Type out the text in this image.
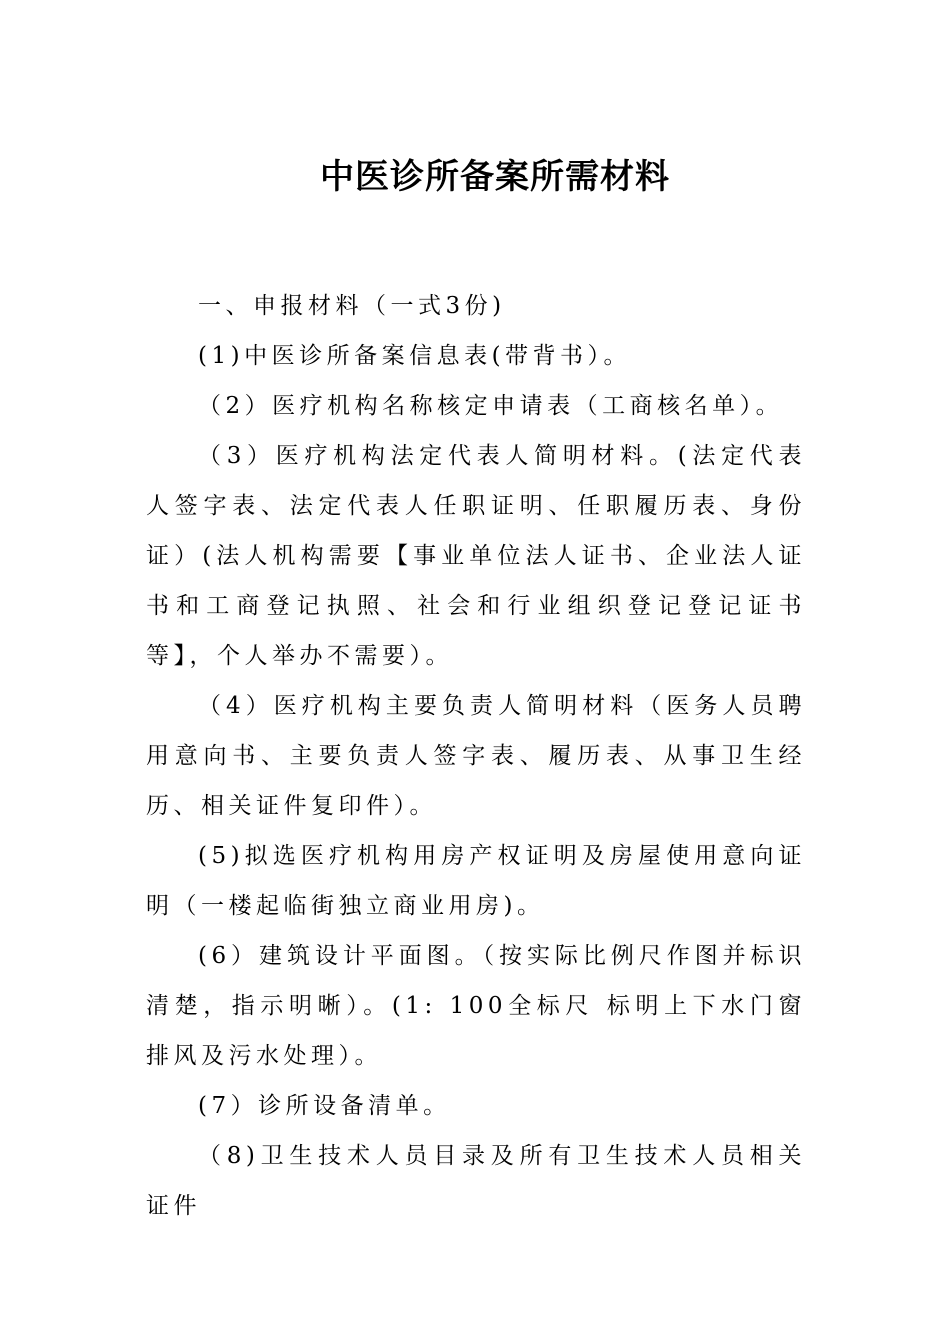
中医诊所备案所需材料

一、申报材料（一式3份)

(1)中医诊所备案信息表(带背书）。

（2）医疗机构名称核定申请表（工商核名单）。

（3）医疗机构法定代表人简明材料。(法定代表人签字表、法定代表人任职证明、任职履历表、身份证）(法人机构需要【事业单位法人证书、企业法人证书和工商登记执照、社会和行业组织登记登记证书等】，个人举办不需要）。

（4）医疗机构主要负责人简明材料（医务人员聘用意向书、主要负责人签字表、履历表、从事卫生经历、相关证件复印件）。

(5)拟选医疗机构用房产权证明及房屋使用意向证明（一楼起临街独立商业用房)。

(6）建筑设计平面图。（按实际比例尺作图并标识清楚，指示明晰）。(1: 100全标尺 标明上下水门窗排风及污水处理）。

(7）诊所设备清单。

（8)卫生技术人员目录及所有卫生技术人员相关证件
